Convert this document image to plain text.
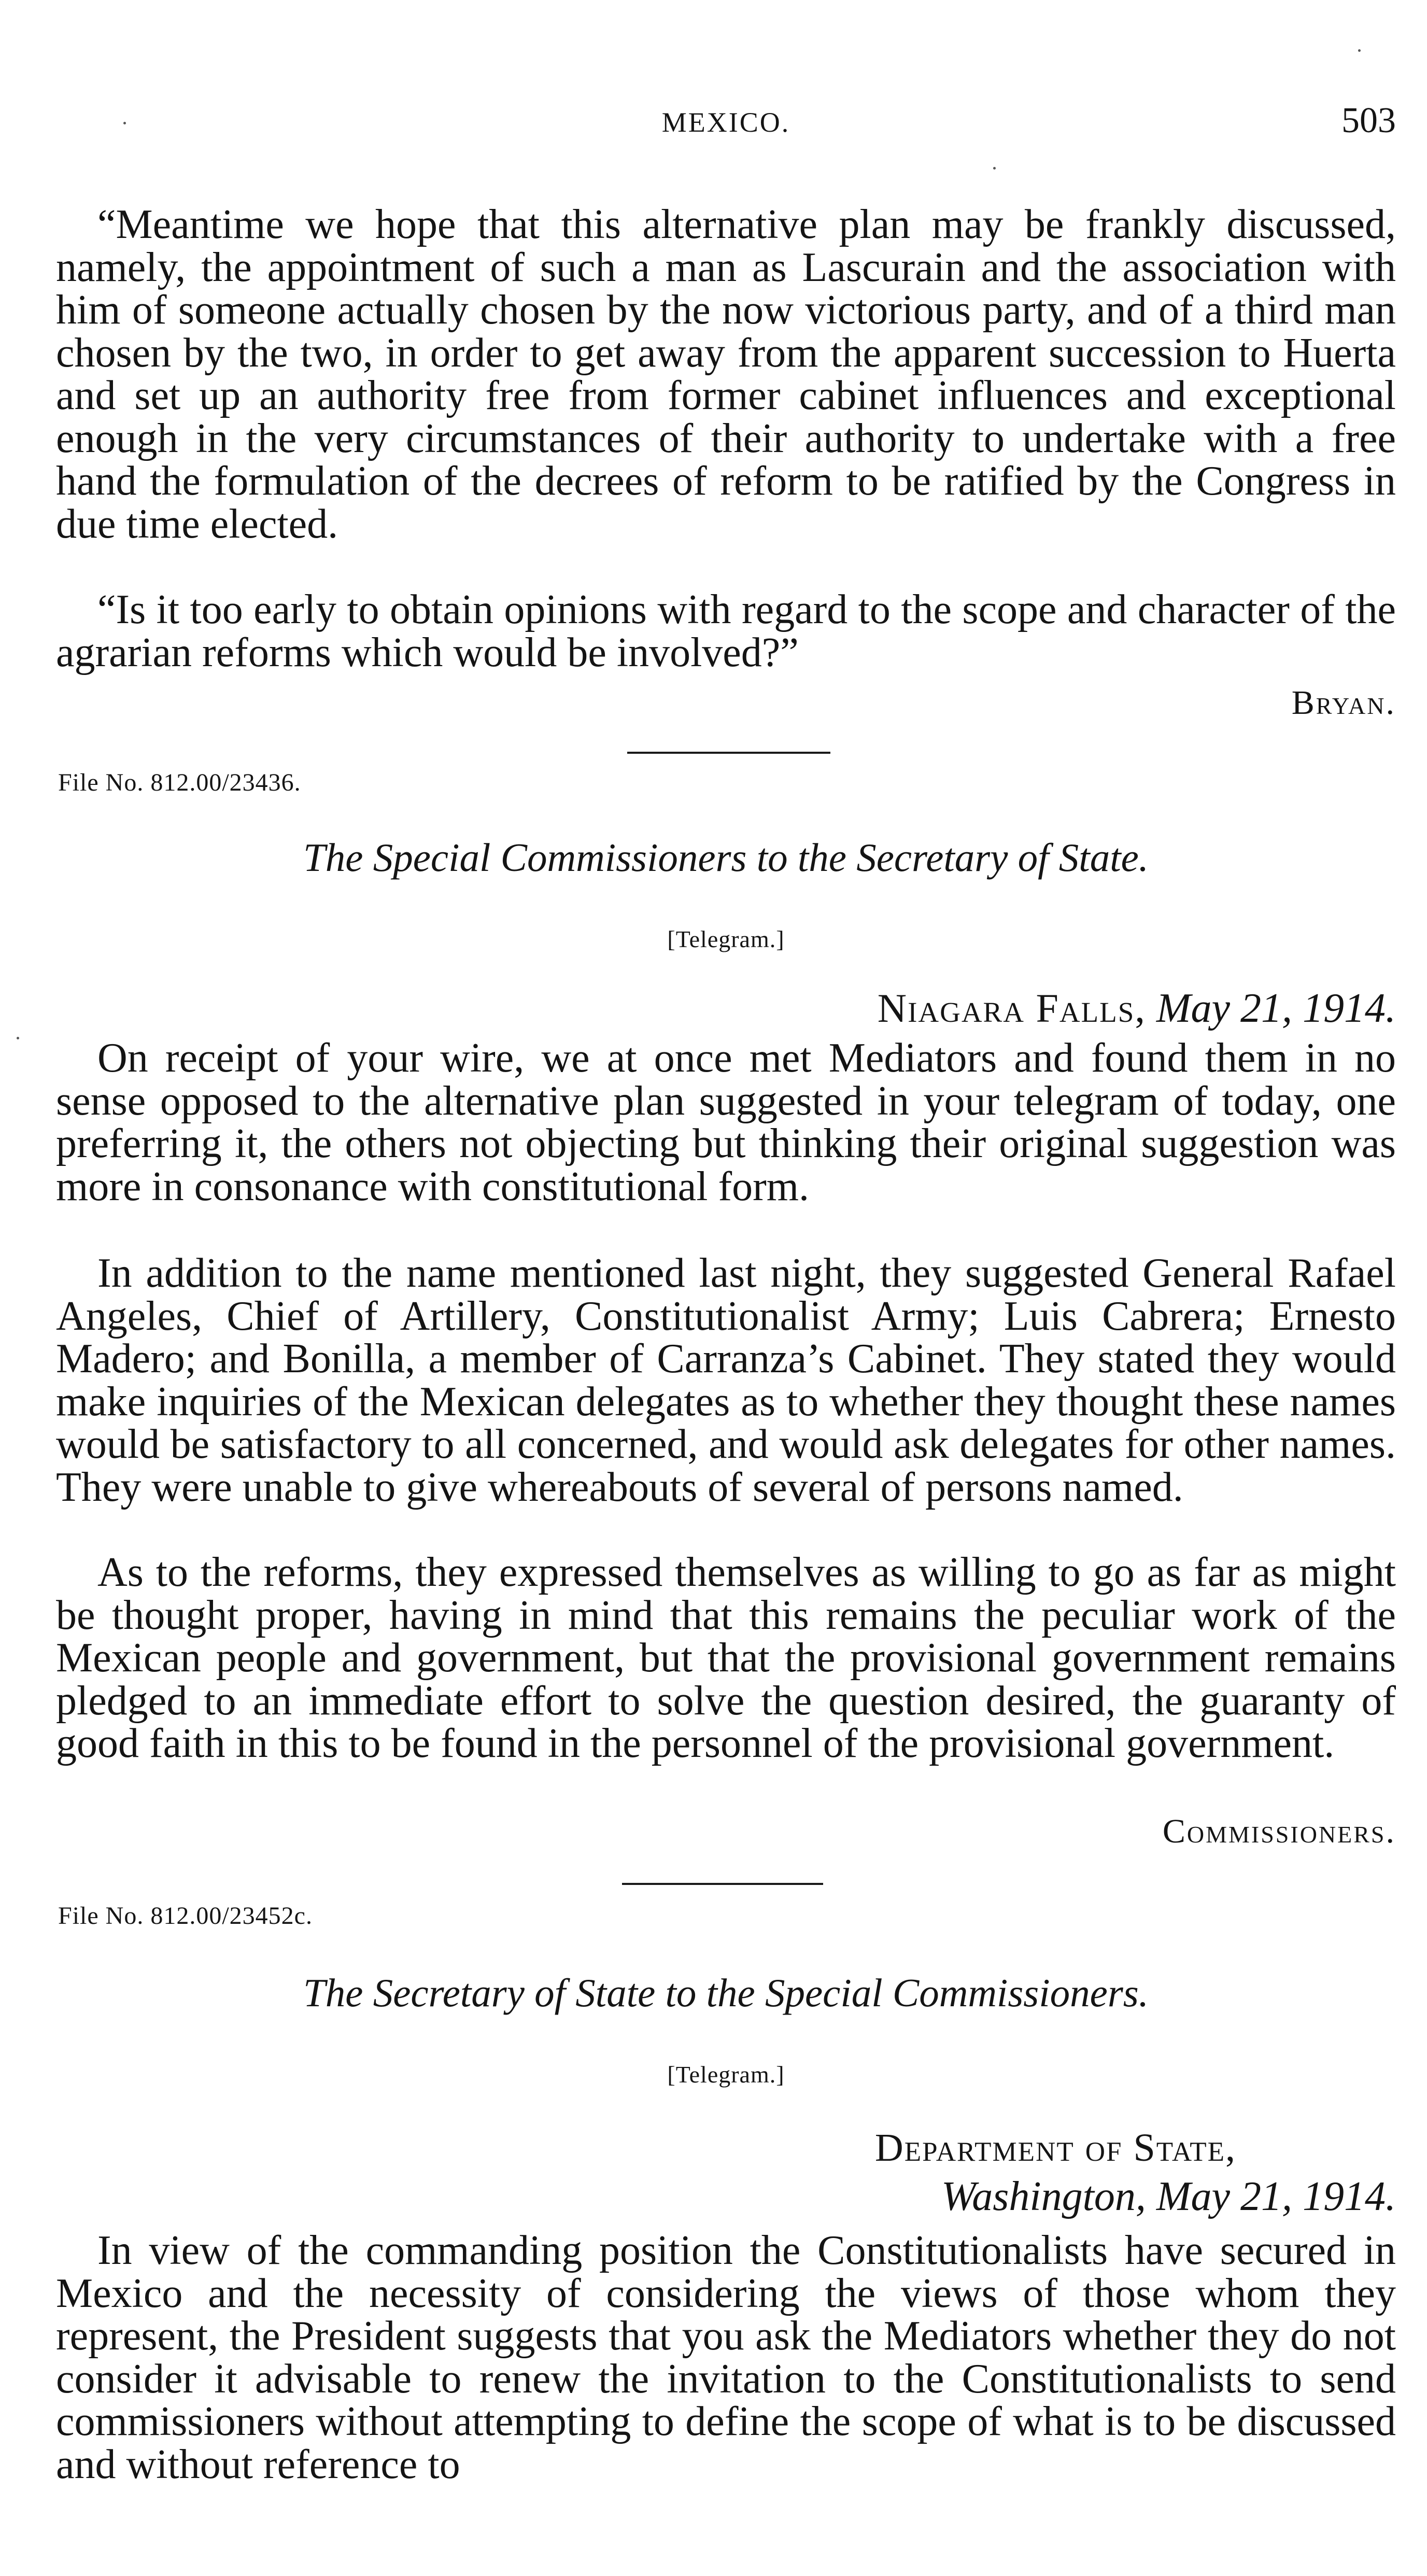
MEXICO.	503

“Meantime we hope that this alternative plan may be frankly discussed, namely, the appointment of such a man as Lascurain and the association with him of someone actually chosen by the now victorious party, and of a third man chosen by the two, in order to get away from the apparent succession to Huerta and set up an authority free from former cabinet influences and exceptional enough in the very circumstances of their authority to undertake with a free hand the formulation of the decrees of reform to be ratified by the Congress in due time elected.

“Is it too early to obtain opinions with regard to the scope and character of the agrarian reforms which would be involved?”

Bryan.
File No. 812.00/23436.
The Special Commissioners to the Secretary of State.
[Telegram.]
Niagara Falls, May 21, 1914.

On receipt of your wire, we at once met Mediators and found them in no sense opposed to the alternative plan suggested in your telegram of today, one preferring it, the others not objecting but thinking their original suggestion was more in consonance with constitutional form.

In addition to the name mentioned last night, they suggested General Rafael Angeles, Chief of Artillery, Constitutionalist Army; Luis Cabrera; Ernesto Madero; and Bonilla, a member of Carranza’s Cabinet. They stated they would make inquiries of the Mexican delegates as to whether they thought these names would be satisfactory to all concerned, and would ask delegates for other names. They were unable to give whereabouts of several of persons named.

As to the reforms, they expressed themselves as willing to go as far as might be thought proper, having in mind that this remains the peculiar work of the Mexican people and government, but that the provisional government remains pledged to an immediate effort to solve the question desired, the guaranty of good faith in this to be found in the personnel of the provisional government.

Commissioners.
File No. 812.00/23452c.
The Secretary of State to the Special Commissioners.
[Telegram.]
Department of State,
Washington, May 21, 1914.

In view of the commanding position the Constitutionalists have secured in Mexico and the necessity of considering the views of those whom they represent, the President suggests that you ask the Mediators whether they do not consider it advisable to renew the invitation to the Constitutionalists to send commissioners without attempting to define the scope of what is to be discussed and without reference to
